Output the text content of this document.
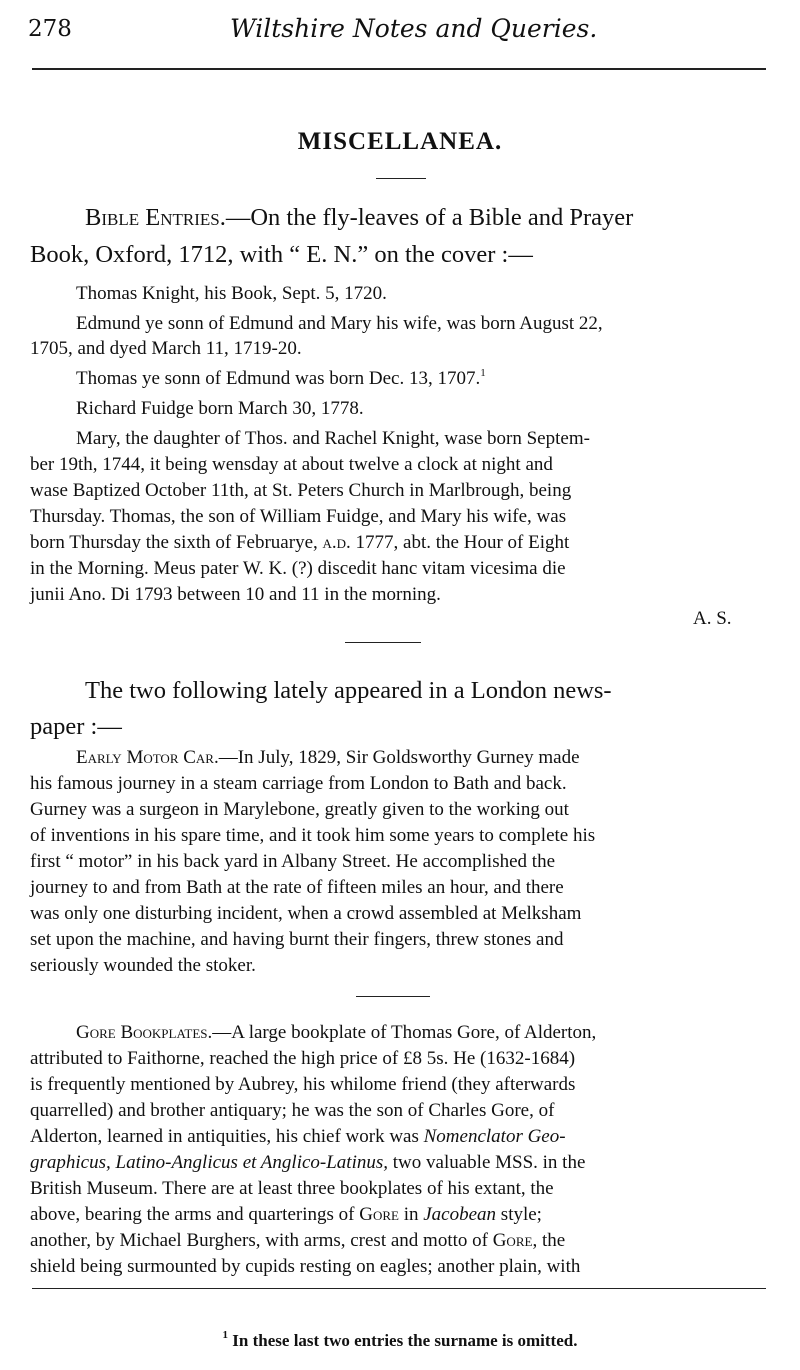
278	Wiltshire Notes and Queries.
MISCELLANEA.
Bible Entries.—On the fly-leaves of a Bible and Prayer
Book, Oxford, 1712, with “ E. N.” on the cover :—
Thomas Knight, his Book, Sept. 5, 1720.
Edmund ye sonn of Edmund and Mary his wife, was born August 22,
1705, and dyed March 11, 1719-20.
Thomas ye sonn of Edmund was born Dec. 13, 1707.$^1$
Richard Fuidge born March 30, 1778.
Mary, the daughter of Thos. and Rachel Knight, wase born Septem-
ber 19th, 1744, it being wensday at about twelve a clock at night and
wase Baptized October 11th, at St. Peters Church in Marlbrough, being
Thursday. Thomas, the son of William Fuidge, and Mary his wife, was
born Thursday the sixth of Februarye, a.d. 1777, abt. the Hour of Eight
in the Morning. Meus pater W. K. (?) discedit hanc vitam vicesima die
junii Ano. Di 1793 between 10 and 11 in the morning.
A. S.
The two following lately appeared in a London news-
paper :—
Early Motor Car.—In July, 1829, Sir Goldsworthy Gurney made
his famous journey in a steam carriage from London to Bath and back.
Gurney was a surgeon in Marylebone, greatly given to the working out
of inventions in his spare time, and it took him some years to complete his
first “ motor” in his back yard in Albany Street. He accomplished the
journey to and from Bath at the rate of fifteen miles an hour, and there
was only one disturbing incident, when a crowd assembled at Melksham
set upon the machine, and having burnt their fingers, threw stones and
seriously wounded the stoker.
Gore Bookplates.—A large bookplate of Thomas Gore, of Alderton,
attributed to Faithorne, reached the high price of £8 5s. He (1632-1684)
is frequently mentioned by Aubrey, his whilome friend (they afterwards
quarrelled) and brother antiquary; he was the son of Charles Gore, of
Alderton, learned in antiquities, his chief work was Nomenclator Geo-
graphicus, Latino-Anglicus et Anglico-Latinus, two valuable MSS. in the
British Museum. There are at least three bookplates of his extant, the
above, bearing the arms and quarterings of Gore in Jacobean style;
another, by Michael Burghers, with arms, crest and motto of Gore, the
shield being surmounted by cupids resting on eagles; another plain, with
$^1$ In these last two entries the surname is omitted.
